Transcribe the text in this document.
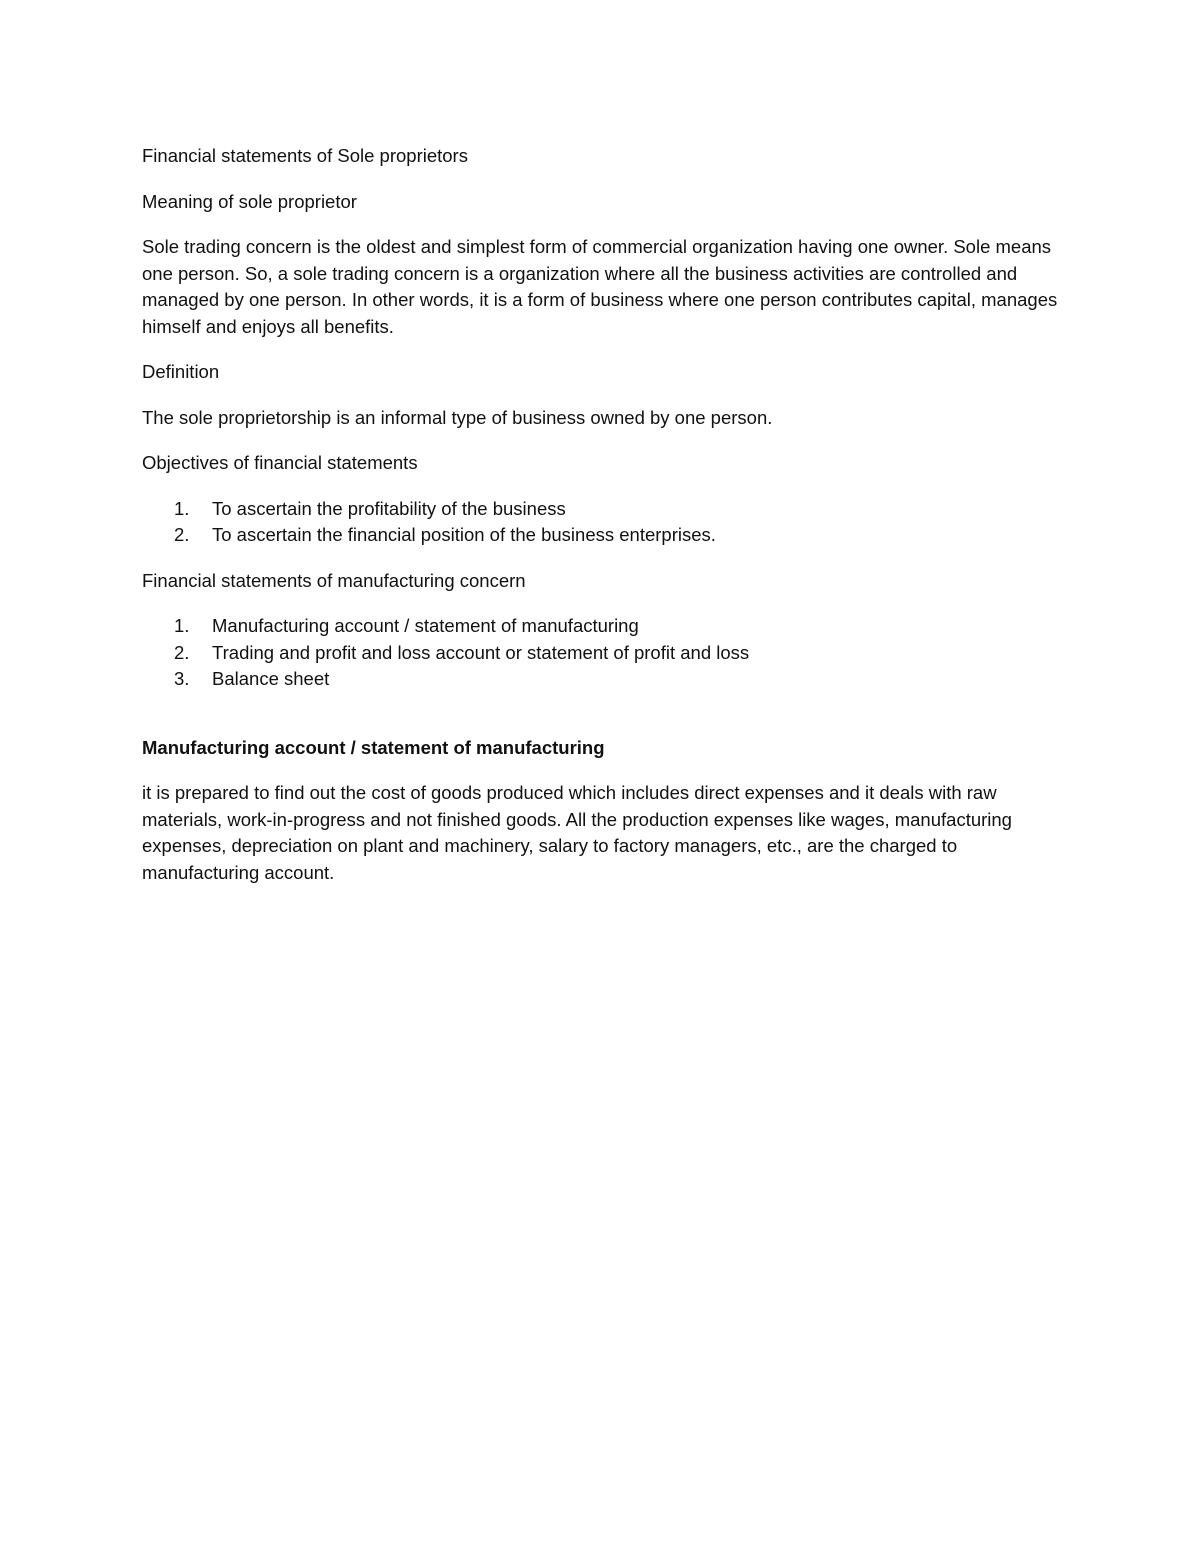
Financial statements of Sole proprietors

Meaning of sole proprietor

Sole trading concern is the oldest and simplest form of commercial organization having one owner. Sole means one person. So, a sole trading concern is a organization where all the business activities are controlled and managed by one person. In other words, it is a form of business where one person contributes capital, manages himself and enjoys all benefits.

Definition

The sole proprietorship is an informal type of business owned by one person.

Objectives of financial statements

1. To ascertain the profitability of the business
2. To ascertain the financial position of the business enterprises.

Financial statements of manufacturing concern

1. Manufacturing account / statement of manufacturing
2. Trading and profit and loss account or statement of profit and loss
3. Balance sheet

Manufacturing account / statement of manufacturing

it is prepared to find out the cost of goods produced which includes direct expenses and it deals with raw materials, work-in-progress and not finished goods. All the production expenses like wages, manufacturing expenses, depreciation on plant and machinery, salary to factory managers, etc., are the charged to manufacturing account.
